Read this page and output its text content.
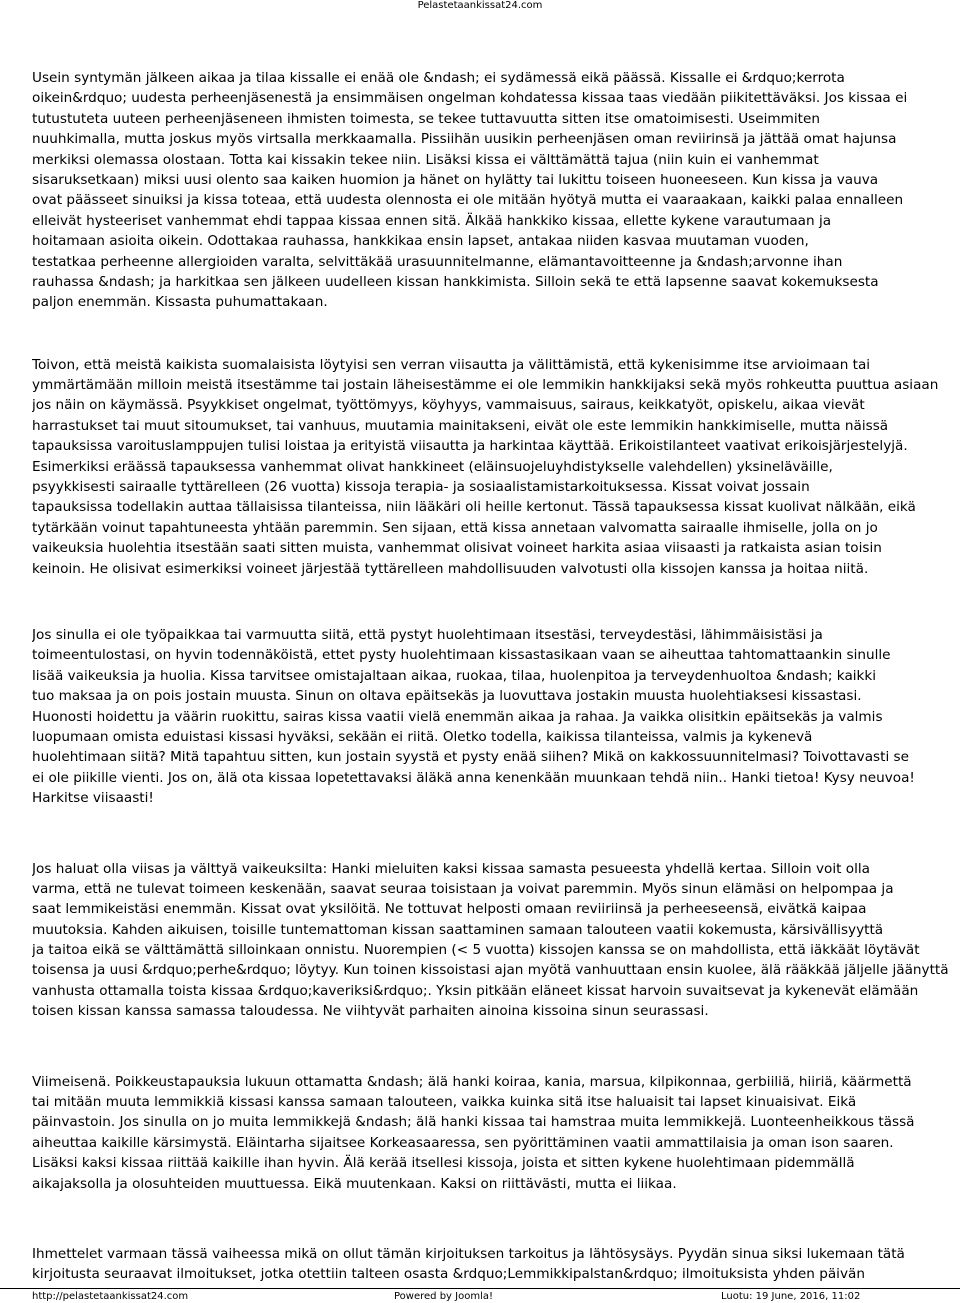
Pelastetaankissat24.com
Usein syntymän jälkeen aikaa ja tilaa kissalle ei enää ole &ndash; ei sydämessä eikä päässä. Kissalle ei &rdquo;kerrota
oikein&rdquo; uudesta perheenjäsenestä ja ensimmäisen ongelman kohdatessa kissaa taas viedään piikitettäväksi. Jos kissaa ei
tutustuteta uuteen perheenjäseneen ihmisten toimesta, se tekee tuttavuutta sitten itse omatoimisesti. Useimmiten
nuuhkimalla, mutta joskus myös virtsalla merkkaamalla. Pissiihän uusikin perheenjäsen oman reviirinsä ja jättää omat hajunsa
merkiksi olemassa olostaan. Totta kai kissakin tekee niin. Lisäksi kissa ei välttämättä tajua (niin kuin ei vanhemmat
sisaruksetkaan) miksi uusi olento saa kaiken huomion ja hänet on hylätty tai lukittu toiseen huoneeseen. Kun kissa ja vauva
ovat päässeet sinuiksi ja kissa toteaa, että uudesta olennosta ei ole mitään hyötyä mutta ei vaaraakaan, kaikki palaa ennalleen
elleivät hysteeriset vanhemmat ehdi tappaa kissaa ennen sitä. Älkää hankkiko kissaa, ellette kykene varautumaan ja
hoitamaan asioita oikein. Odottakaa rauhassa, hankkikaa ensin lapset, antakaa niiden kasvaa muutaman vuoden,
testatkaa perheenne allergioiden varalta, selvittäkää urasuunnitelmanne, elämantavoitteenne ja &ndash;arvonne ihan
rauhassa &ndash; ja harkitkaa sen jälkeen uudelleen kissan hankkimista. Silloin sekä te että lapsenne saavat kokemuksesta
paljon enemmän. Kissasta puhumattakaan.
Toivon, että meistä kaikista suomalaisista löytyisi sen verran viisautta ja välittämistä, että kykenisimme itse arvioimaan tai
ymmärtämään milloin meistä itsestämme tai jostain läheisestämme ei ole lemmikin hankkijaksi sekä myös rohkeutta puuttua asiaan
jos näin on käymässä. Psyykkiset ongelmat, työttömyys, köyhyys, vammaisuus, sairaus, keikkatyöt, opiskelu, aikaa vievät
harrastukset tai muut sitoumukset, tai vanhuus, muutamia mainitakseni, eivät ole este lemmikin hankkimiselle, mutta näissä
tapauksissa varoituslamppujen tulisi loistaa ja erityistä viisautta ja harkintaa käyttää. Erikoistilanteet vaativat erikoisjärjestelyjä.
Esimerkiksi eräässä tapauksessa vanhemmat olivat hankkineet (eläinsuojeluyhdistykselle valehdellen) yksineläväille,
psyykkisesti sairaalle tyttärelleen (26 vuotta) kissoja terapia- ja sosiaalistamistarkoituksessa. Kissat voivat jossain
tapauksissa todellakin auttaa tällaisissa tilanteissa, niin lääkäri oli heille kertonut. Tässä tapauksessa kissat kuolivat nälkään, eikä
tytärkään voinut tapahtuneesta yhtään paremmin. Sen sijaan, että kissa annetaan valvomatta sairaalle ihmiselle, jolla on jo
vaikeuksia huolehtia itsestään saati sitten muista, vanhemmat olisivat voineet harkita asiaa viisaasti ja ratkaista asian toisin
keinoin. He olisivat esimerkiksi voineet järjestää tyttärelleen mahdollisuuden valvotusti olla kissojen kanssa ja hoitaa niitä.
Jos sinulla ei ole työpaikkaa tai varmuutta siitä, että pystyt huolehtimaan itsestäsi, terveydestäsi, lähimmäisistäsi ja
toimeentulostasi, on hyvin todennäköistä, ettet pysty huolehtimaan kissastasikaan vaan se aiheuttaa tahtomattaankin sinulle
lisää vaikeuksia ja huolia. Kissa tarvitsee omistajaltaan aikaa, ruokaa, tilaa, huolenpitoa ja terveydenhuoltoa &ndash; kaikki
tuo maksaa ja on pois jostain muusta. Sinun on oltava epäitsekäs ja luovuttava jostakin muusta huolehtiaksesi kissastasi.
Huonosti hoidettu ja väärin ruokittu, sairas kissa vaatii vielä enemmän aikaa ja rahaa. Ja vaikka olisitkin epäitsekäs ja valmis
luopumaan omista eduistasi kissasi hyväksi, sekään ei riitä. Oletko todella, kaikissa tilanteissa, valmis ja kykenevä
huolehtimaan siitä? Mitä tapahtuu sitten, kun jostain syystä et pysty enää siihen? Mikä on kakkossuunnitelmasi? Toivottavasti se
ei ole piikille vienti. Jos on, älä ota kissaa lopetettavaksi äläkä anna kenenkään muunkaan tehdä niin.. Hanki tietoa! Kysy neuvoa!
Harkitse viisaasti!
Jos haluat olla viisas ja välttyä vaikeuksilta: Hanki mieluiten kaksi kissaa samasta pesueesta yhdellä kertaa. Silloin voit olla
varma, että ne tulevat toimeen keskenään, saavat seuraa toisistaan ja voivat paremmin. Myös sinun elämäsi on helpompaa ja
saat lemmikeistäsi enemmän. Kissat ovat yksilöitä. Ne tottuvat helposti omaan reviiriinsä ja perheeseensä, eivätkä kaipaa
muutoksia. Kahden aikuisen, toisille tuntemattoman kissan saattaminen samaan talouteen vaatii kokemusta, kärsivällisyyttä
ja taitoa eikä se välttämättä silloinkaan onnistu. Nuorempien (< 5 vuotta) kissojen kanssa se on mahdollista, että iäkkäät löytävät
toisensa ja uusi &rdquo;perhe&rdquo; löytyy. Kun toinen kissoistasi ajan myötä vanhuuttaan ensin kuolee, älä rääkkää jäljelle jäänyttä
vanhusta ottamalla toista kissaa &rdquo;kaveriksi&rdquo;. Yksin pitkään eläneet kissat harvoin suvaitsevat ja kykenevät elämään
toisen kissan kanssa samassa taloudessa. Ne viihtyvät parhaiten ainoina kissoina sinun seurassasi.
Viimeisenä. Poikkeustapauksia lukuun ottamatta &ndash; älä hanki koiraa, kania, marsua, kilpikonnaa, gerbiiliä, hiiriä, käärmettä
tai mitään muuta lemmikkiä kissasi kanssa samaan talouteen, vaikka kuinka sitä itse haluaisit tai lapset kinuaisivat. Eikä
päinvastoin. Jos sinulla on jo muita lemmikkejä &ndash; älä hanki kissaa tai hamstraa muita lemmikkejä. Luonteenheikkous tässä
aiheuttaa kaikille kärsimystä. Eläintarha sijaitsee Korkeasaaressa, sen pyörittäminen vaatii ammattilaisia ja oman ison saaren.
Lisäksi kaksi kissaa riittää kaikille ihan hyvin. Älä kerää itsellesi kissoja, joista et sitten kykene huolehtimaan pidemmällä
aikajaksolla ja olosuhteiden muuttuessa. Eikä muutenkaan. Kaksi on riittävästi, mutta ei liikaa.
Ihmettelet varmaan tässä vaiheessa mikä on ollut tämän kirjoituksen tarkoitus ja lähtösysäys. Pyydän sinua siksi lukemaan tätä
kirjoitusta seuraavat ilmoitukset, jotka otettiin talteen osasta &rdquo;Lemmikkipalstan&rdquo; ilmoituksista yhden päivän
http://pelastetaankissat24.com	Powered by Joomla!	Luotu: 19 June, 2016, 11:02
